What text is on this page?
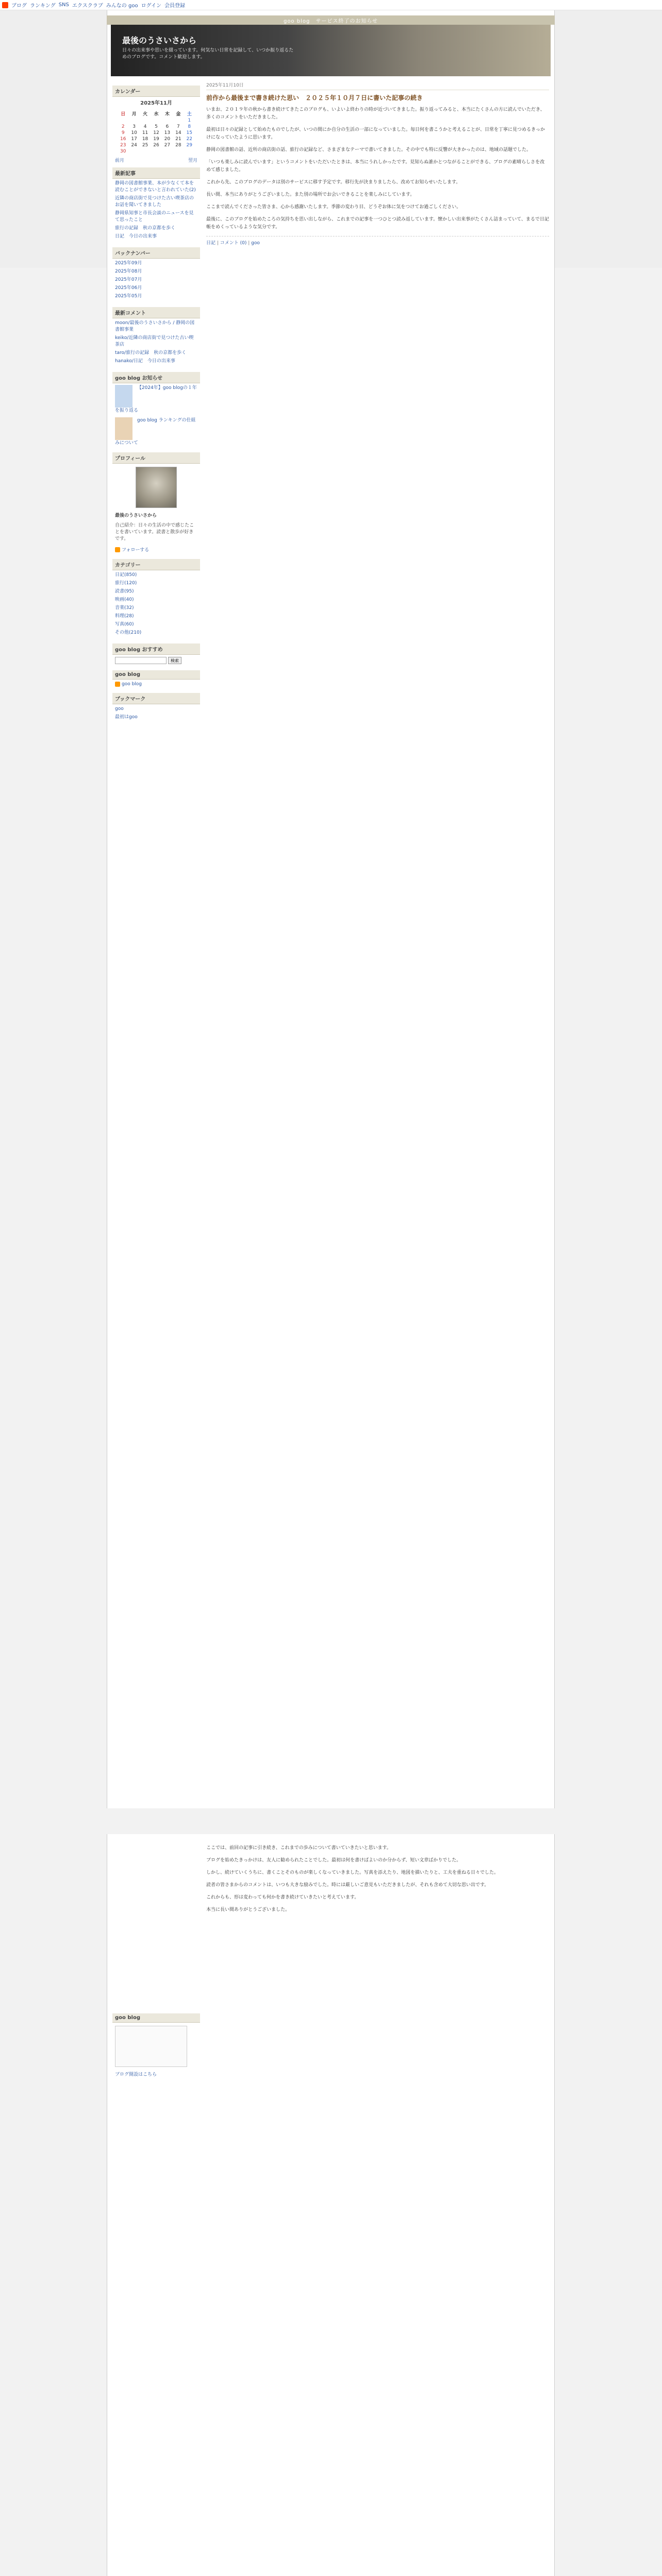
ブログ ランキング SNS エクスクラブ みんなの goo ログイン 会員登録
goo blog　サービス終了のお知らせ
最後のうさいさから
日々の出来事や思いを綴っています。何気ない日常を記録して、いつか振り返るためのブログです。コメント歓迎します。
カレンダー
2025年11月
日	月	火	水	木	金	土
						1
2	3	4	5	6	7	8
9	10	11	12	13	14	15
16	17	18	19	20	21	22
23	24	25	26	27	28	29
30						
前月	翌月
最新記事
静岡の図書館事業、本が少なくて本を読むことができないと言われていた(2)
近隣の商店街で見つけた古い喫茶店のお話を聞いてきました
静岡県知事と市長会談のニュースを見て思ったこと
旅行の記録　秋の京都を歩く
日記　今日の出来事
バックナンバー
2025年09月
2025年08月
2025年07月
2025年06月
2025年05月
最新コメント
moon/最後のうさいさから / 静岡の図書館事業
keiko/近隣の商店街で見つけた古い喫茶店
taro/旅行の記録　秋の京都を歩く
hanako/日記　今日の出来事
goo blog お知らせ
【2024年】goo blogの１年を振り返る
goo blog ランキングの仕組みについて
プロフィール
最後のうさいさから
自己紹介：日々の生活の中で感じたことを書いています。読書と散歩が好きです。
フォローする
カテゴリー
日記(850)
旅行(120)
読書(95)
映画(40)
音楽(32)
料理(28)
写真(60)
その他(210)
goo blog おすすめ
検索
goo blog
goo blog
ブックマーク
goo
最初はgoo
2025年11月10日
前作から最後まで書き続けた思い　２０２５年１０月７日に書いた記事の続き

いまお、２０１９年の秋から書き続けてきたこのブログも、いよいよ終わりの時が近づいてきました。振り返ってみると、本当にたくさんの方に読んでいただき、多くのコメントをいただきました。

最初は日々の記録として始めたものでしたが、いつの間にか自分の生活の一部になっていました。毎日何を書こうかと考えることが、日常を丁寧に見つめるきっかけになっていたように思います。

静岡の図書館の話、近所の商店街の話、旅行の記録など、さまざまなテーマで書いてきました。その中でも特に反響が大きかったのは、地域の話題でした。

「いつも楽しみに読んでいます」というコメントをいただいたときは、本当にうれしかったです。見知らぬ誰かとつながることができる、ブログの素晴らしさを改めて感じました。

これから先、このブログのデータは別のサービスに移す予定です。移行先が決まりましたら、改めてお知らせいたします。

長い間、本当にありがとうございました。また別の場所でお会いできることを楽しみにしています。

ここまで読んでくださった皆さま、心から感謝いたします。季節の変わり目、どうぞお体に気をつけてお過ごしください。

最後に、このブログを始めたころの気持ちを思い出しながら、これまでの記事を一つひとつ読み返しています。懐かしい出来事がたくさん詰まっていて、まるで日記帳をめくっているような気分です。

日記 | コメント (0) | goo

ここでは、前回の記事に引き続き、これまでの歩みについて書いていきたいと思います。

ブログを始めたきっかけは、友人に勧められたことでした。最初は何を書けばよいのか分からず、短い文章ばかりでした。

しかし、続けていくうちに、書くことそのものが楽しくなっていきました。写真を添えたり、地図を描いたりと、工夫を重ねる日々でした。

読者の皆さまからのコメントは、いつも大きな励みでした。時には厳しいご意見もいただきましたが、それも含めて大切な思い出です。

これからも、形は変わっても何かを書き続けていきたいと考えています。

本当に長い間ありがとうございました。

goo blog
ブログ開設はこちら
